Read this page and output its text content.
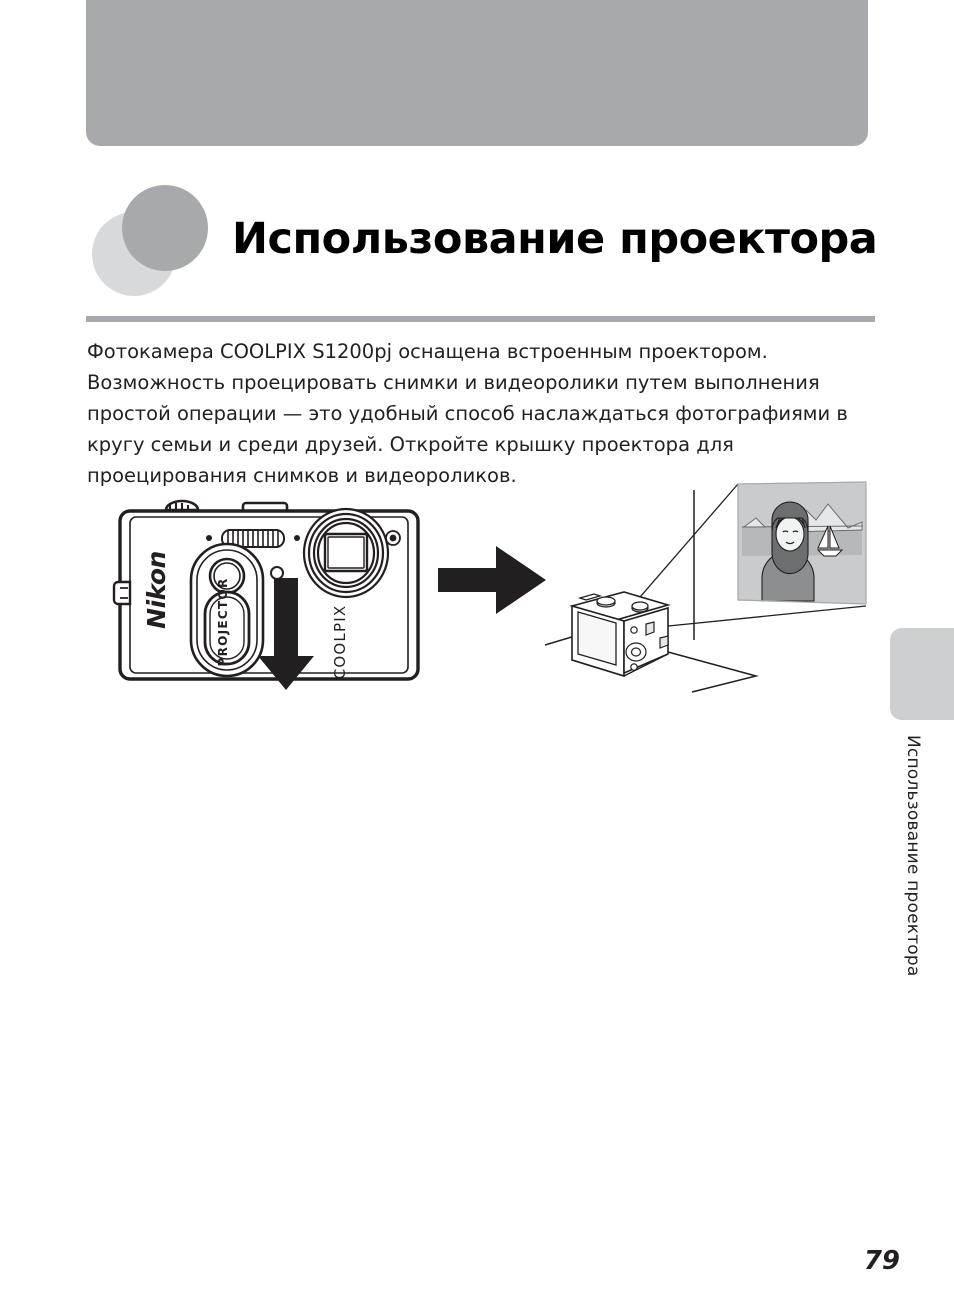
Использование проектора

Фотокамера COOLPIX S1200pj оснащена встроенным проектором. Возможность проецировать снимки и видеоролики путем выполнения простой операции — это удобный способ наслаждаться фотографиями в кругу семьи и среди друзей. Откройте крышку проектора для проецирования снимков и видеороликов.

PROJECTOR
Nikon
COOLPIX
Использование проектора
79
